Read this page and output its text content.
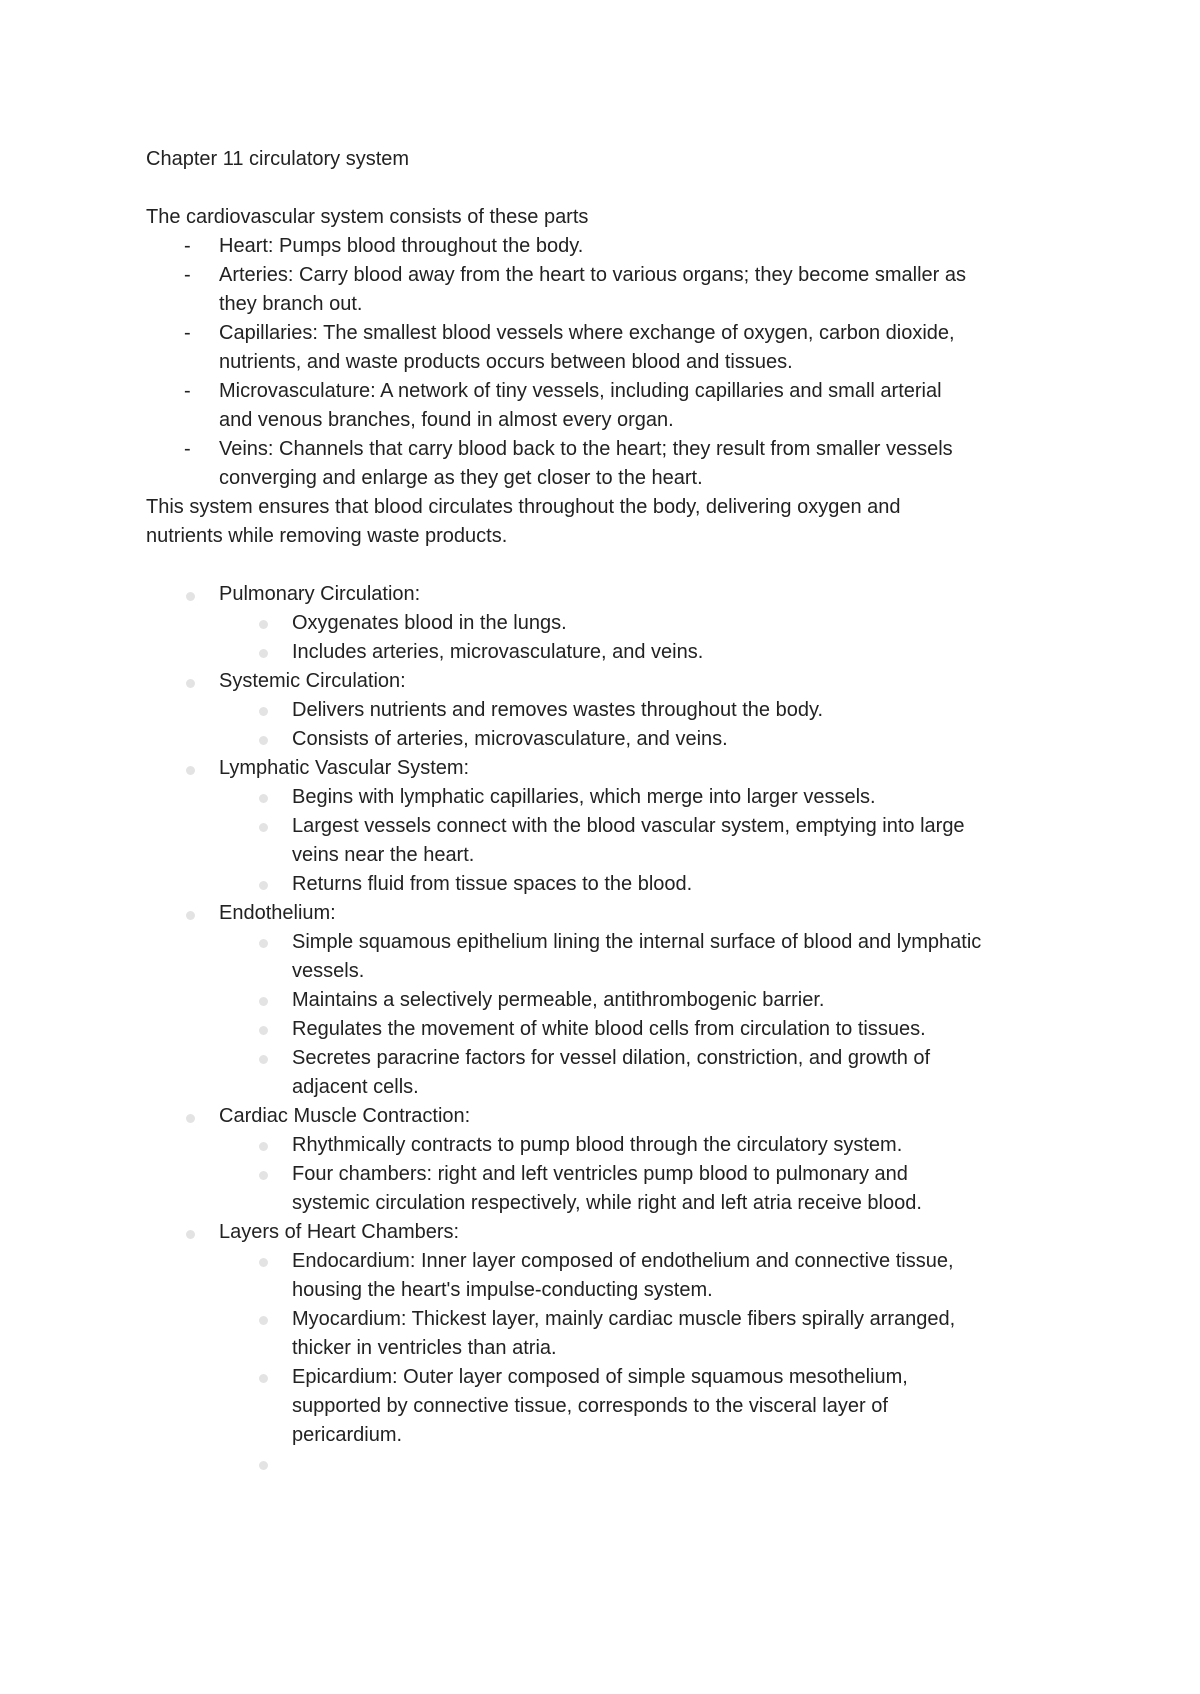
Chapter 11 circulatory system
The cardiovascular system consists of these parts
- Heart: Pumps blood throughout the body.
- Arteries: Carry blood away from the heart to various organs; they become smaller as
they branch out.
- Capillaries: The smallest blood vessels where exchange of oxygen, carbon dioxide,
nutrients, and waste products occurs between blood and tissues.
- Microvasculature: A network of tiny vessels, including capillaries and small arterial
and venous branches, found in almost every organ.
- Veins: Channels that carry blood back to the heart; they result from smaller vessels
converging and enlarge as they get closer to the heart.
This system ensures that blood circulates throughout the body, delivering oxygen and
nutrients while removing waste products.
Pulmonary Circulation:
Oxygenates blood in the lungs.
Includes arteries, microvasculature, and veins.
Systemic Circulation:
Delivers nutrients and removes wastes throughout the body.
Consists of arteries, microvasculature, and veins.
Lymphatic Vascular System:
Begins with lymphatic capillaries, which merge into larger vessels.
Largest vessels connect with the blood vascular system, emptying into large
veins near the heart.
Returns fluid from tissue spaces to the blood.
Endothelium:
Simple squamous epithelium lining the internal surface of blood and lymphatic
vessels.
Maintains a selectively permeable, antithrombogenic barrier.
Regulates the movement of white blood cells from circulation to tissues.
Secretes paracrine factors for vessel dilation, constriction, and growth of
adjacent cells.
Cardiac Muscle Contraction:
Rhythmically contracts to pump blood through the circulatory system.
Four chambers: right and left ventricles pump blood to pulmonary and
systemic circulation respectively, while right and left atria receive blood.
Layers of Heart Chambers:
Endocardium: Inner layer composed of endothelium and connective tissue,
housing the heart's impulse-conducting system.
Myocardium: Thickest layer, mainly cardiac muscle fibers spirally arranged,
thicker in ventricles than atria.
Epicardium: Outer layer composed of simple squamous mesothelium,
supported by connective tissue, corresponds to the visceral layer of
pericardium.
